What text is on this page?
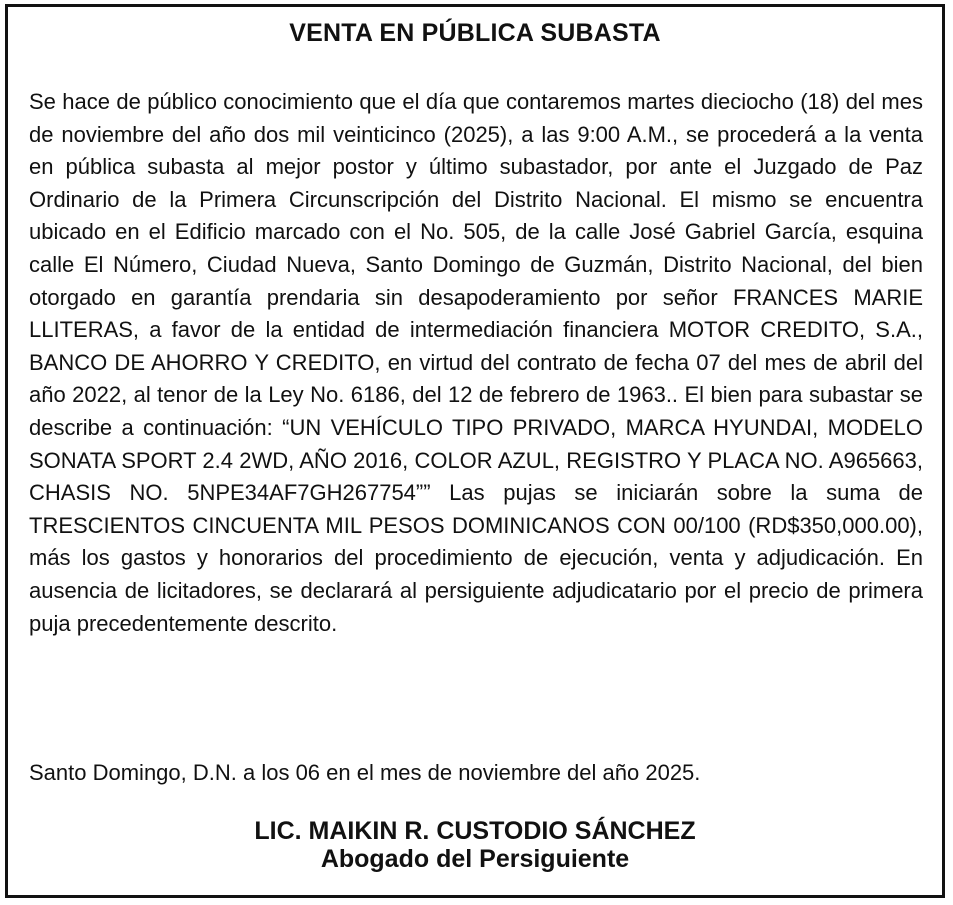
VENTA EN PÚBLICA SUBASTA

Se hace de público conocimiento que el día que contaremos martes dieciocho (18) del mes de noviembre del año dos mil veinticinco (2025), a las 9:00 A.M., se procederá a la venta en pública subasta al mejor postor y último subastador, por ante el Juzgado de Paz Ordinario de la Primera Circunscripción del Distrito Nacional. El mismo se encuentra ubicado en el Edificio marcado con el No. 505, de la calle José Gabriel García, esquina calle El Número, Ciudad Nueva, Santo Domingo de Guzmán, Distrito Nacional, del bien otorgado en garantía prendaria sin desapoderamiento por señor FRANCES MARIE LLITERAS, a favor de la entidad de intermediación financiera MOTOR CREDITO, S.A., BANCO DE AHORRO Y CREDITO, en virtud del contrato de fecha 07 del mes de abril del año 2022, al tenor de la Ley No. 6186, del 12 de febrero de 1963.. El bien para subastar se describe a continuación: “UN VEHÍCULO TIPO PRIVADO, MARCA HYUNDAI, MODELO SONATA SPORT 2.4 2WD, AÑO 2016, COLOR AZUL, REGISTRO Y PLACA NO. A965663, CHASIS NO. 5NPE34AF7GH267754”” Las pujas se iniciarán sobre la suma de TRESCIENTOS CINCUENTA MIL PESOS DOMINICANOS CON 00/100 (RD$350,000.00), más los gastos y honorarios del procedimiento de ejecución, venta y adjudicación. En ausencia de licitadores, se declarará al persiguiente adjudicatario por el precio de primera puja precedentemente descrito.

Santo Domingo, D.N. a los 06 en el mes de noviembre del año 2025.

LIC. MAIKIN R. CUSTODIO SÁNCHEZ

Abogado del Persiguiente
